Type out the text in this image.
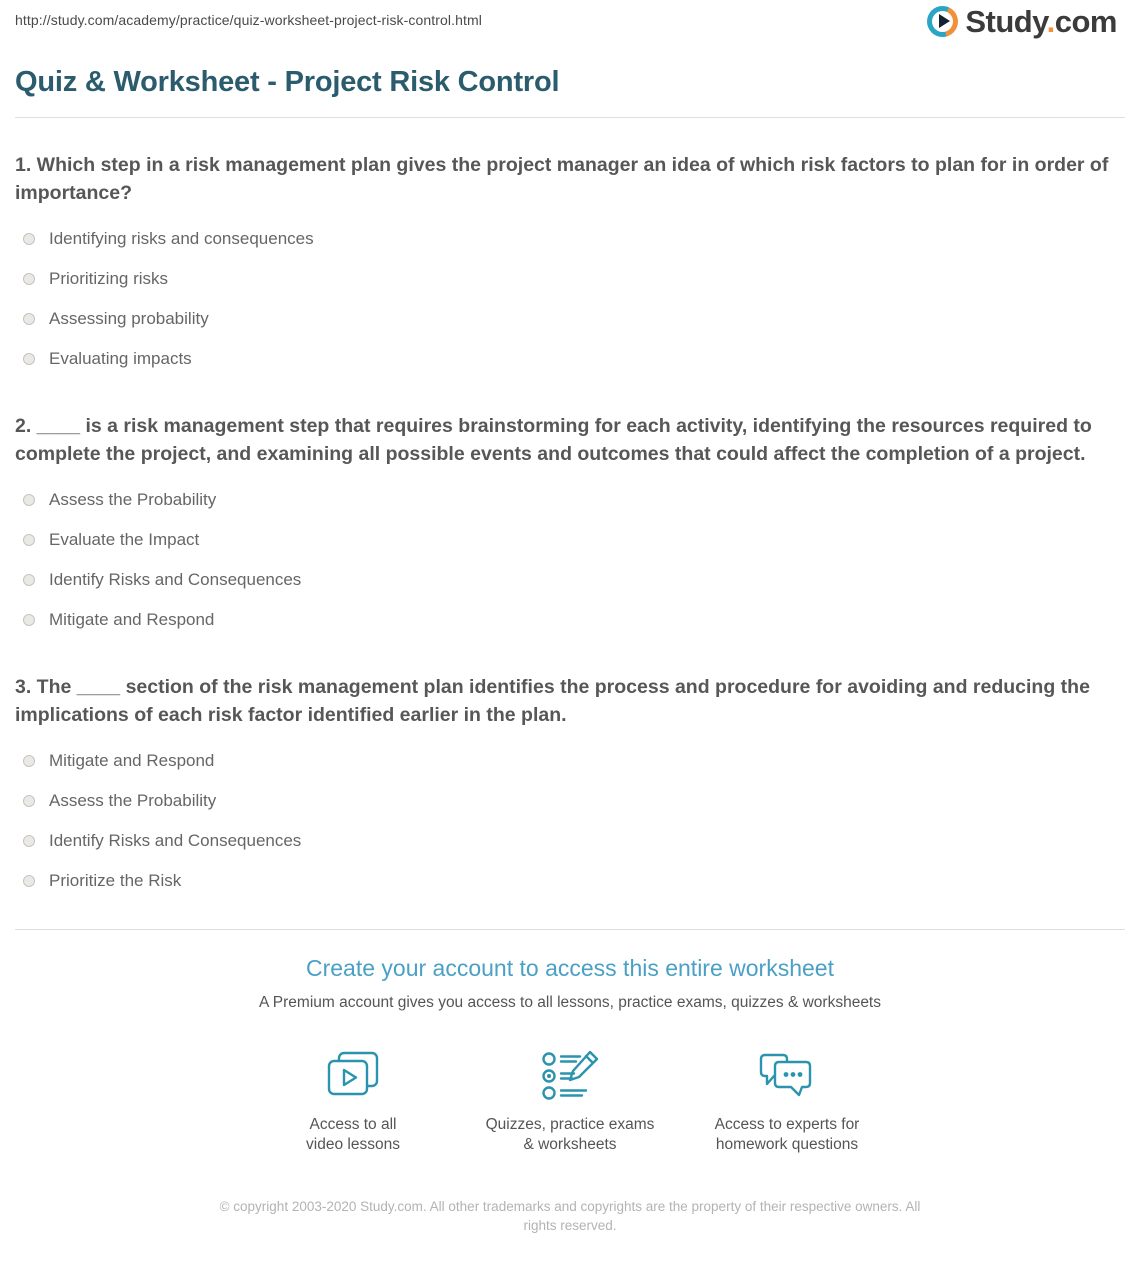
http://study.com/academy/practice/quiz-worksheet-project-risk-control.html	Study.com
Quiz & Worksheet - Project Risk Control

1. Which step in a risk management plan gives the project manager an idea of which risk factors to plan for in order of importance?

Identifying risks and consequences
Prioritizing risks
Assessing probability
Evaluating impacts

2. ____ is a risk management step that requires brainstorming for each activity, identifying the resources required to complete the project, and examining all possible events and outcomes that could affect the completion of a project.

Assess the Probability
Evaluate the Impact
Identify Risks and Consequences
Mitigate and Respond

3. The ____ section of the risk management plan identifies the process and procedure for avoiding and reducing the implications of each risk factor identified earlier in the plan.

Mitigate and Respond
Assess the Probability
Identify Risks and Consequences
Prioritize the Risk
Create your account to access this entire worksheet

A Premium account gives you access to all lessons, practice exams, quizzes & worksheets

Access to all
video lessons
Quizzes, practice exams
& worksheets
Access to experts for
homework questions
© copyright 2003-2020 Study.com. All other trademarks and copyrights are the property of their respective owners. All rights reserved.
